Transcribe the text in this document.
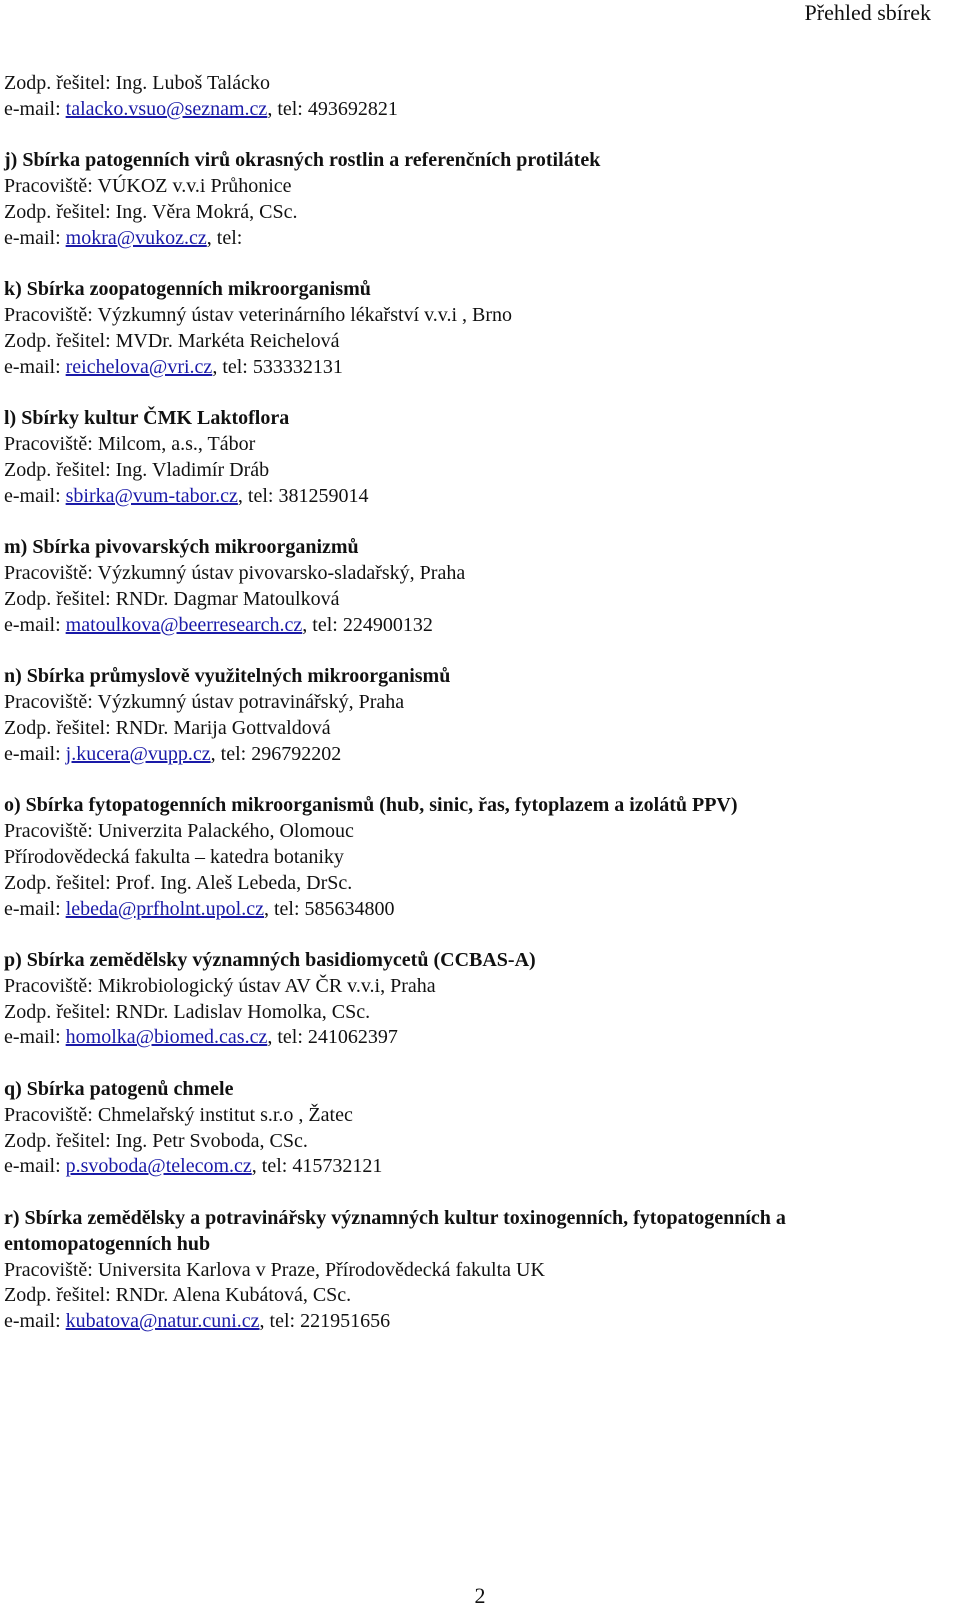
Přehled sbírek
Zodp. řešitel: Ing. Luboš Talácko
e-mail: talacko.vsuo@seznam.cz, tel: 493692821
j) Sbírka patogenních virů okrasných rostlin a referenčních protilátek
Pracoviště: VÚKOZ v.v.i Průhonice
Zodp. řešitel: Ing. Věra Mokrá, CSc.
e-mail: mokra@vukoz.cz, tel:
k) Sbírka zoopatogenních mikroorganismů
Pracoviště: Výzkumný ústav veterinárního lékařství v.v.i , Brno
Zodp. řešitel: MVDr. Markéta Reichelová
e-mail: reichelova@vri.cz, tel: 533332131
l) Sbírky kultur ČMK Laktoflora
Pracoviště: Milcom, a.s., Tábor
Zodp. řešitel: Ing. Vladimír Dráb
e-mail: sbirka@vum-tabor.cz, tel: 381259014
m) Sbírka pivovarských mikroorganizmů
Pracoviště: Výzkumný ústav pivovarsko-sladařský, Praha
Zodp. řešitel: RNDr. Dagmar Matoulková
e-mail: matoulkova@beerresearch.cz, tel: 224900132
n) Sbírka průmyslově využitelných mikroorganismů
Pracoviště: Výzkumný ústav potravinářský, Praha
Zodp. řešitel: RNDr. Marija Gottvaldová
e-mail: j.kucera@vupp.cz, tel: 296792202
o) Sbírka fytopatogenních mikroorganismů (hub, sinic, řas, fytoplazem a izolátů PPV)
Pracoviště: Univerzita Palackého, Olomouc
Přírodovědecká fakulta – katedra botaniky
Zodp. řešitel: Prof. Ing. Aleš Lebeda, DrSc.
e-mail: lebeda@prfholnt.upol.cz, tel: 585634800
p) Sbírka zemědělsky významných basidiomycetů (CCBAS-A)
Pracoviště: Mikrobiologický ústav AV ČR v.v.i, Praha
Zodp. řešitel: RNDr. Ladislav Homolka, CSc.
e-mail: homolka@biomed.cas.cz, tel: 241062397
q) Sbírka patogenů chmele
Pracoviště: Chmelařský institut s.r.o , Žatec
Zodp. řešitel: Ing. Petr Svoboda, CSc.
e-mail: p.svoboda@telecom.cz, tel: 415732121
r) Sbírka zemědělsky a potravinářsky významných kultur toxinogenních, fytopatogenních a entomopatogenních hub
Pracoviště: Universita Karlova v Praze, Přírodovědecká fakulta UK
Zodp. řešitel: RNDr. Alena Kubátová, CSc.
e-mail: kubatova@natur.cuni.cz, tel: 221951656
2
